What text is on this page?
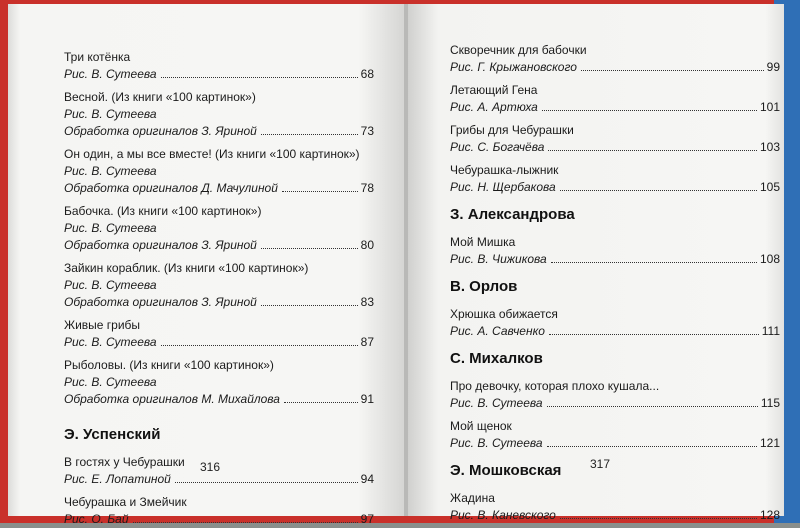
Три котёнка
Рис. В. Сутеева	68
Весной. (Из книги «100 картинок»)
Рис. В. Сутеева
Обработка оригиналов З. Яриной	73
Он один, а мы все вместе! (Из книги «100 картинок»)
Рис. В. Сутеева
Обработка оригиналов Д. Мачулиной	78
Бабочка. (Из книги «100 картинок»)
Рис. В. Сутеева
Обработка оригиналов З. Яриной	80
Зайкин кораблик. (Из книги «100 картинок»)
Рис. В. Сутеева
Обработка оригиналов З. Яриной	83
Живые грибы
Рис. В. Сутеева	87
Рыболовы. (Из книги «100 картинок»)
Рис. В. Сутеева
Обработка оригиналов М. Михайлова	91
Э. Успенский
В гостях у Чебурашки
Рис. Е. Лопатиной	94
Чебурашка и Змейчик
Рис. О. Бай	97
316
Скворечник для бабочки
Рис. Г. Крыжановского	99
Летающий Гена
Рис. А. Артюха	101
Грибы для Чебурашки
Рис. С. Богачёва	103
Чебурашка-лыжник
Рис. Н. Щербакова	105
З. Александрова
Мой Мишка
Рис. В. Чижикова	108
В. Орлов
Хрюшка обижается
Рис. А. Савченко	111
С. Михалков
Про девочку, которая плохо кушала...
Рис. В. Сутеева	115
Мой щенок
Рис. В. Сутеева	121
Э. Мошковская
Жадина
Рис. В. Каневского	128
317
